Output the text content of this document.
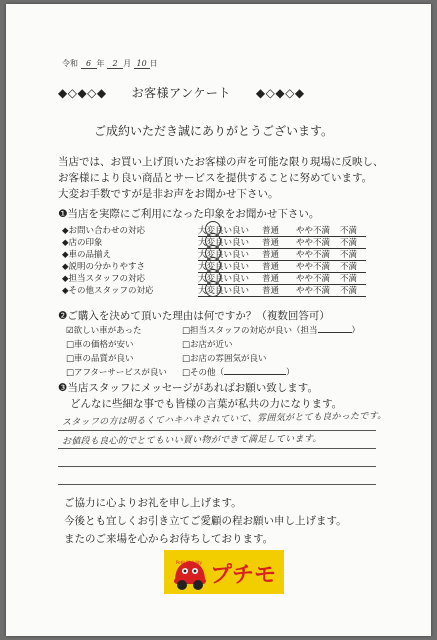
令和 6 年 2 月 10 日
◆◇◆◇◆　　お客様アンケート　　◆◇◆◇◆
ご成約いただき誠にありがとうございます。
当店では、お買い上げ頂いたお客様の声を可能な限り現場に反映し、
お客様により良い商品とサービスを提供することに努めています。
大変お手数ですが是非お声をお聞かせ下さい。
❶当店を実際にご利用になった印象をお聞かせ下さい。
◆お問い合わせの対応	大変良い 良い	普通	やや不満	不満
◆店の印象	大変良い 良い	普通	やや不満	不満
◆車の品揃え	大変良い 良い	普通	やや不満	不満
◆説明の分かりやすさ	大変良い 良い	普通	やや不満	不満
◆担当スタッフの対応	大変良い 良い	普通	やや不満	不満
◆その他スタッフの対応	大変良い 良い	普通	やや不満	不満
❷ご購入を決めて頂いた理由は何ですか？（複数回答可）
☑欲しい車があった
□車の価格が安い
□車の品質が良い
□アフターサービスが良い
□担当スタッフの対応が良い（担当	）
□お店が近い
□お店の雰囲気が良い
□その他（	）
❸当店スタッフにメッセージがあればお願い致します。
どんなに些細な事でも皆様の言葉が私共の力になります。
スタッフの方は明るくてハキハキされていて、雰囲気がとても良かったです。
お値段も良心的でとてもいい買い物ができて満足しています。
ご協力に心よりお礼を申し上げます。
今後とも宜しくお引き立てご愛顧の程お願い申し上げます。
またのご来場を心からお待ちしております。
Petit Mobility
プチモ
